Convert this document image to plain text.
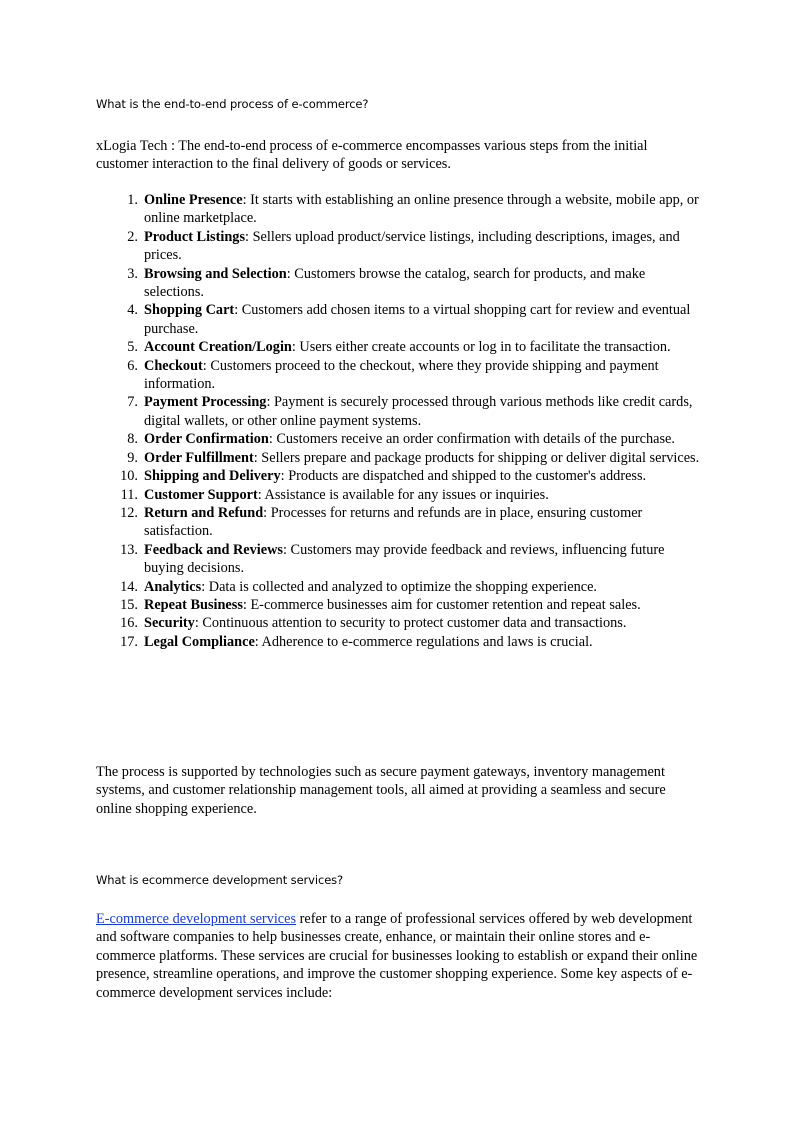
What is the end-to-end process of e-commerce?

xLogia Tech : The end-to-end process of e-commerce encompasses various steps from the initial customer interaction to the final delivery of goods or services.

1. Online Presence: It starts with establishing an online presence through a website, mobile app, or online marketplace.
2. Product Listings: Sellers upload product/service listings, including descriptions, images, and prices.
3. Browsing and Selection: Customers browse the catalog, search for products, and make selections.
4. Shopping Cart: Customers add chosen items to a virtual shopping cart for review and eventual purchase.
5. Account Creation/Login: Users either create accounts or log in to facilitate the transaction.
6. Checkout: Customers proceed to the checkout, where they provide shipping and payment information.
7. Payment Processing: Payment is securely processed through various methods like credit cards, digital wallets, or other online payment systems.
8. Order Confirmation: Customers receive an order confirmation with details of the purchase.
9. Order Fulfillment: Sellers prepare and package products for shipping or deliver digital services.
10. Shipping and Delivery: Products are dispatched and shipped to the customer's address.
11. Customer Support: Assistance is available for any issues or inquiries.
12. Return and Refund: Processes for returns and refunds are in place, ensuring customer satisfaction.
13. Feedback and Reviews: Customers may provide feedback and reviews, influencing future buying decisions.
14. Analytics: Data is collected and analyzed to optimize the shopping experience.
15. Repeat Business: E-commerce businesses aim for customer retention and repeat sales.
16. Security: Continuous attention to security to protect customer data and transactions.
17. Legal Compliance: Adherence to e-commerce regulations and laws is crucial.

The process is supported by technologies such as secure payment gateways, inventory management systems, and customer relationship management tools, all aimed at providing a seamless and secure online shopping experience.

What is ecommerce development services?

E-commerce development services refer to a range of professional services offered by web development and software companies to help businesses create, enhance, or maintain their online stores and e-commerce platforms. These services are crucial for businesses looking to establish or expand their online presence, streamline operations, and improve the customer shopping experience. Some key aspects of e-commerce development services include:
